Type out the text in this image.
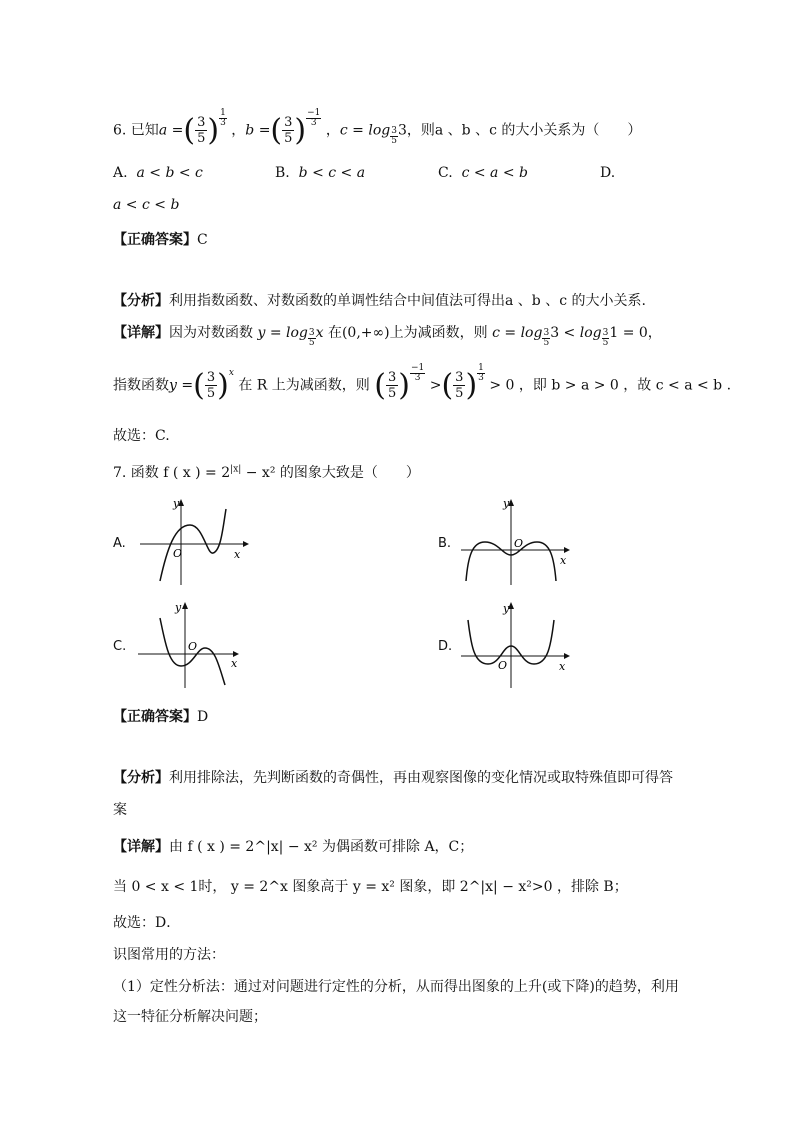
6. 已知a =( $\frac{3}{5}$ ) $\frac{1}{3}$
，b =( $\frac{3}{5}$ ) $\frac{-1}{3}$
，$c = \log \frac{3}{5} 3$，则a 、b 、c 的大小关系为（　　）
A. a < b < c	B. b < c < a	C. c < a < b	D.
a < c < b
【正确答案】C
【分析】利用指数函数、对数函数的单调性结合中间值法可得出a 、b 、c 的大小关系.
【详解】因为对数函数 $y = \log \frac{3}{5}$ x 在(0,+∞)上为减函数，则 $c = \log \frac{3}{5} 3 < \log \frac{3}{5} 1 = 0$，
指数函数y =( $\frac{3}{5} )^x$ 在 R 上为减函数，则 ( $\frac{3}{5}$ ) $\frac{-1}{3}$
>( $\frac{3}{5}$ ) $\frac{1}{3}$
> 0 ，即 b > a > 0 ，故 c < a < b .
故选：C.
7. 函数 f ( x ) = $2^{|x|} - x^2$ 的图象大致是（　　）
A.
y
x
O
B.
y
x
O
C.
y
x
O	D.
y
x
O
【正确答案】D
【分析】利用排除法，先判断函数的奇偶性，再由观察图像的变化情况或取特殊值即可得答
案
【详解】由 f ( x ) = 2^|x| − x² 为偶函数可排除 A，C；
当 0 < x < 1时， y = 2^x 图象高于 y = x² 图象，即 2^|x| − x²>0 ，排除 B；
故选：D．
识图常用的方法：
（1）定性分析法：通过对问题进行定性的分析，从而得出图象的上升(或下降)的趋势，利用
这一特征分析解决问题；
